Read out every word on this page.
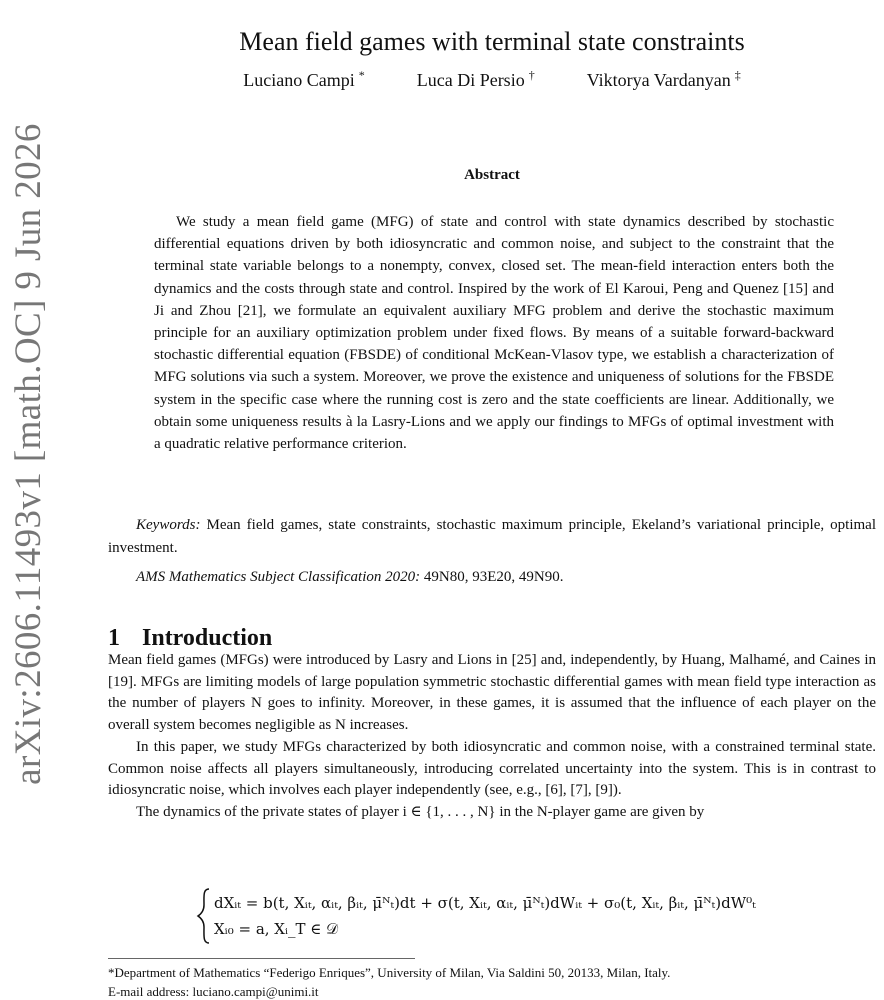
arXiv:2606.11493v1 [math.OC] 9 Jun 2026
Mean field games with terminal state constraints
Luciano Campi *	Luca Di Persio †	Viktorya Vardanyan ‡
Abstract

We study a mean field game (MFG) of state and control with state dynamics described by stochastic differential equations driven by both idiosyncratic and common noise, and subject to the constraint that the terminal state variable belongs to a nonempty, convex, closed set. The mean-field interaction enters both the dynamics and the costs through state and control. Inspired by the work of El Karoui, Peng and Quenez [15] and Ji and Zhou [21], we formulate an equivalent auxiliary MFG problem and derive the stochastic maximum principle for an auxiliary optimization problem under fixed flows. By means of a suitable forward-backward stochastic differential equation (FBSDE) of conditional McKean-Vlasov type, we establish a characterization of MFG solutions via such a system. Moreover, we prove the existence and uniqueness of solutions for the FBSDE system in the specific case where the running cost is zero and the state coefficients are linear. Additionally, we obtain some uniqueness results à la Lasry-Lions and we apply our findings to MFGs of optimal investment with a quadratic relative performance criterion.

Keywords: Mean field games, state constraints, stochastic maximum principle, Ekeland’s variational principle, optimal investment.

AMS Mathematics Subject Classification 2020: 49N80, 93E20, 49N90.

1 Introduction

Mean field games (MFGs) were introduced by Lasry and Lions in [25] and, independently, by Huang, Malhamé, and Caines in [19]. MFGs are limiting models of large population symmetric stochastic differential games with mean field type interaction as the number of players N goes to infinity. Moreover, in these games, it is assumed that the influence of each player on the overall system becomes negligible as N increases.

In this paper, we study MFGs characterized by both idiosyncratic and common noise, with a constrained terminal state. Common noise affects all players simultaneously, introducing correlated uncertainty into the system. This is in contrast to idiosyncratic noise, which involves each player independently (see, e.g., [6], [7], [9]).

The dynamics of the private states of player i ∈ {1, . . . , N} in the N-player game are given by

dXᵢₜ = b(t, Xᵢₜ, αᵢₜ, βᵢₜ, μ̄ᴺₜ)dt + σ(t, Xᵢₜ, αᵢₜ, μ̄ᴺₜ)dWᵢₜ + σ₀(t, Xᵢₜ, βᵢₜ, μ̄ᴺₜ)dW⁰ₜ
Xᵢ₀ = a, Xᵢ_T ∈ 𝒟

*Department of Mathematics “Federigo Enriques”, University of Milan, Via Saldini 50, 20133, Milan, Italy.

E-mail address: luciano.campi@unimi.it
